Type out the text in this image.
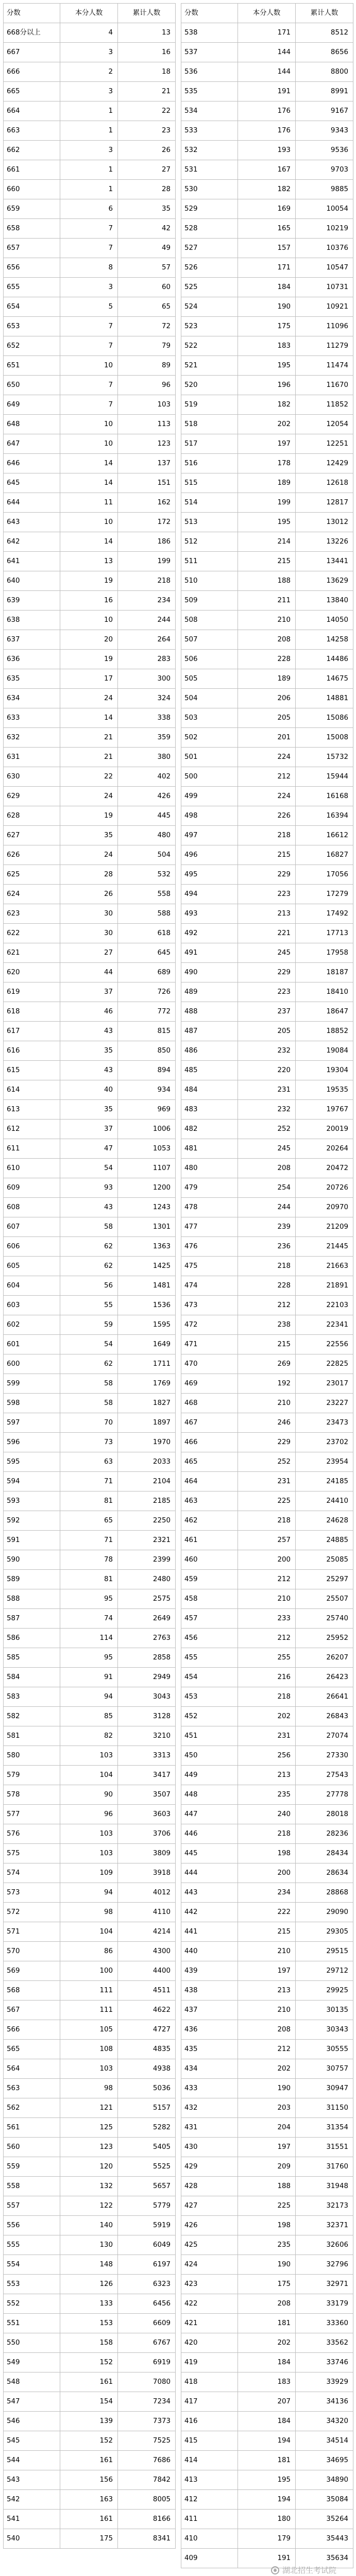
分数	本分人数	累计人数
668分以上	4	13
667	3	16
666	2	18
665	3	21
664	1	22
663	1	23
662	3	26
661	1	27
660	1	28
659	6	35
658	7	42
657	7	49
656	8	57
655	3	60
654	5	65
653	7	72
652	7	79
651	10	89
650	7	96
649	7	103
648	10	113
647	10	123
646	14	137
645	14	151
644	11	162
643	10	172
642	14	186
641	13	199
640	19	218
639	16	234
638	10	244
637	20	264
636	19	283
635	17	300
634	24	324
633	14	338
632	21	359
631	21	380
630	22	402
629	24	426
628	19	445
627	35	480
626	24	504
625	28	532
624	26	558
623	30	588
622	30	618
621	27	645
620	44	689
619	37	726
618	46	772
617	43	815
616	35	850
615	43	894
614	40	934
613	35	969
612	37	1006
611	47	1053
610	54	1107
609	93	1200
608	43	1243
607	58	1301
606	62	1363
605	62	1425
604	56	1481
603	55	1536
602	59	1595
601	54	1649
600	62	1711
599	58	1769
598	58	1827
597	70	1897
596	73	1970
595	63	2033
594	71	2104
593	81	2185
592	65	2250
591	71	2321
590	78	2399
589	81	2480
588	95	2575
587	74	2649
586	114	2763
585	95	2858
584	91	2949
583	94	3043
582	85	3128
581	82	3210
580	103	3313
579	104	3417
578	90	3507
577	96	3603
576	103	3706
575	103	3809
574	109	3918
573	94	4012
572	98	4110
571	104	4214
570	86	4300
569	100	4400
568	111	4511
567	111	4622
566	105	4727
565	108	4835
564	103	4938
563	98	5036
562	121	5157
561	125	5282
560	123	5405
559	120	5525
558	132	5657
557	122	5779
556	140	5919
555	130	6049
554	148	6197
553	126	6323
552	133	6456
551	153	6609
550	158	6767
549	152	6919
548	161	7080
547	154	7234
546	139	7373
545	152	7525
544	161	7686
543	156	7842
542	163	8005
541	161	8166
540	175	8341
分数	本分人数	累计人数
538	171	8512
537	144	8656
536	144	8800
535	191	8991
534	176	9167
533	176	9343
532	193	9536
531	167	9703
530	182	9885
529	169	10054
528	165	10219
527	157	10376
526	171	10547
525	184	10731
524	190	10921
523	175	11096
522	183	11279
521	195	11474
520	196	11670
519	182	11852
518	202	12054
517	197	12251
516	178	12429
515	189	12618
514	199	12817
513	195	13012
512	214	13226
511	215	13441
510	188	13629
509	211	13840
508	210	14050
507	208	14258
506	228	14486
505	189	14675
504	206	14881
503	205	15086
502	201	15008
501	224	15732
500	212	15944
499	224	16168
498	226	16394
497	218	16612
496	215	16827
495	229	17056
494	223	17279
493	213	17492
492	221	17713
491	245	17958
490	229	18187
489	223	18410
488	237	18647
487	205	18852
486	232	19084
485	220	19304
484	231	19535
483	232	19767
482	252	20019
481	245	20264
480	208	20472
479	254	20726
478	244	20970
477	239	21209
476	236	21445
475	218	21663
474	228	21891
473	212	22103
472	238	22341
471	215	22556
470	269	22825
469	192	23017
468	210	23227
467	246	23473
466	229	23702
465	252	23954
464	231	24185
463	225	24410
462	218	24628
461	257	24885
460	200	25085
459	212	25297
458	210	25507
457	233	25740
456	212	25952
455	255	26207
454	216	26423
453	218	26641
452	202	26843
451	231	27074
450	256	27330
449	213	27543
448	235	27778
447	240	28018
446	218	28236
445	198	28434
444	200	28634
443	234	28868
442	222	29090
441	215	29305
440	210	29515
439	197	29712
438	213	29925
437	210	30135
436	208	30343
435	212	30555
434	202	30757
433	190	30947
432	203	31150
431	204	31354
430	197	31551
429	209	31760
428	188	31948
427	225	32173
426	198	32371
425	235	32606
424	190	32796
423	175	32971
422	208	33179
421	181	33360
420	202	33562
419	184	33746
418	183	33929
417	207	34136
416	184	34320
415	194	34514
414	181	34695
413	195	34890
412	194	35084
411	180	35264
410	179	35443
409	191	35634
湖北招生考试院
